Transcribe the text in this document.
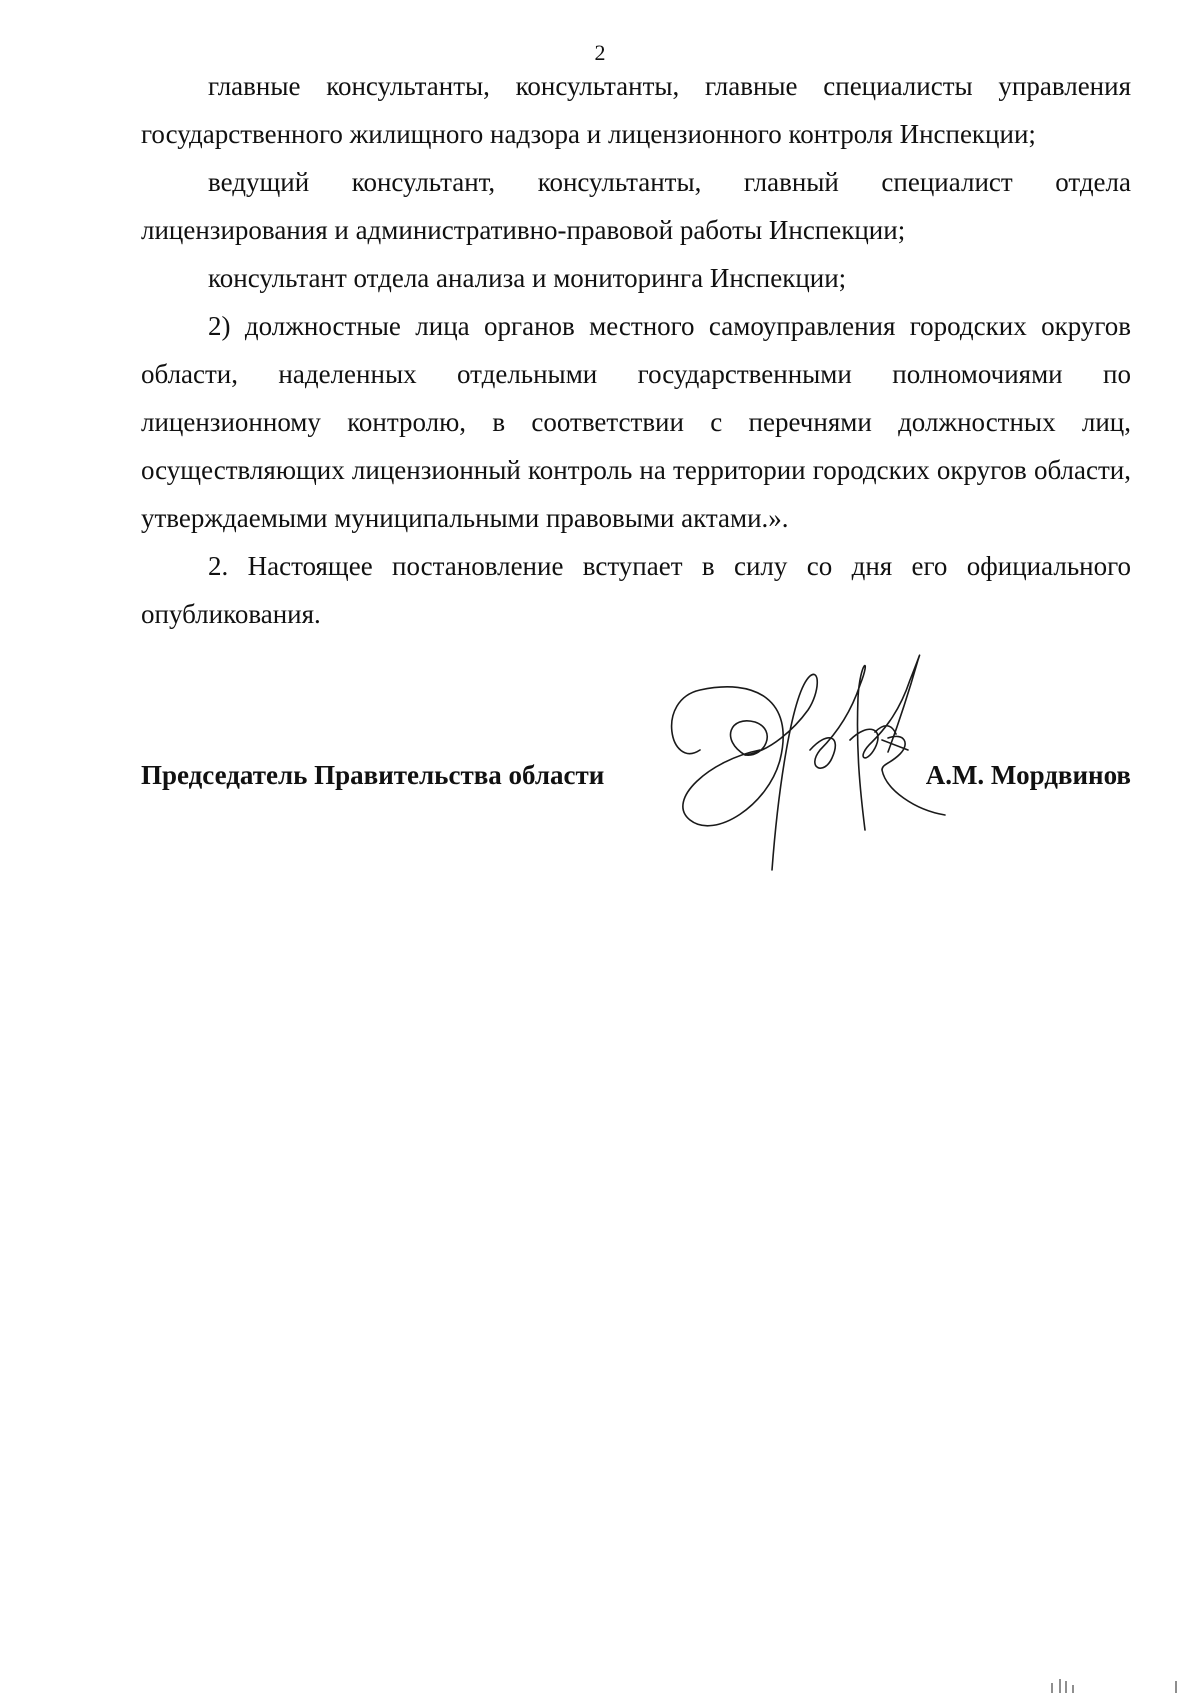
2

главные консультанты, консультанты, главные специалисты управления государственного жилищного надзора и лицензионного контроля Инспекции;

ведущий консультант, консультанты, главный специалист отдела лицензирования и административно-правовой работы Инспекции;

консультант отдела анализа и мониторинга Инспекции;

2) должностные лица органов местного самоуправления городских округов области, наделенных отдельными государственными полномочиями по лицензионному контролю, в соответствии с перечнями должностных лиц, осуществляющих лицензионный контроль на территории городских округов области, утверждаемыми муниципальными правовыми актами.».

2. Настоящее постановление вступает в силу со дня его официального опубликования.

Председатель Правительства области	А.М. Мордвинов
